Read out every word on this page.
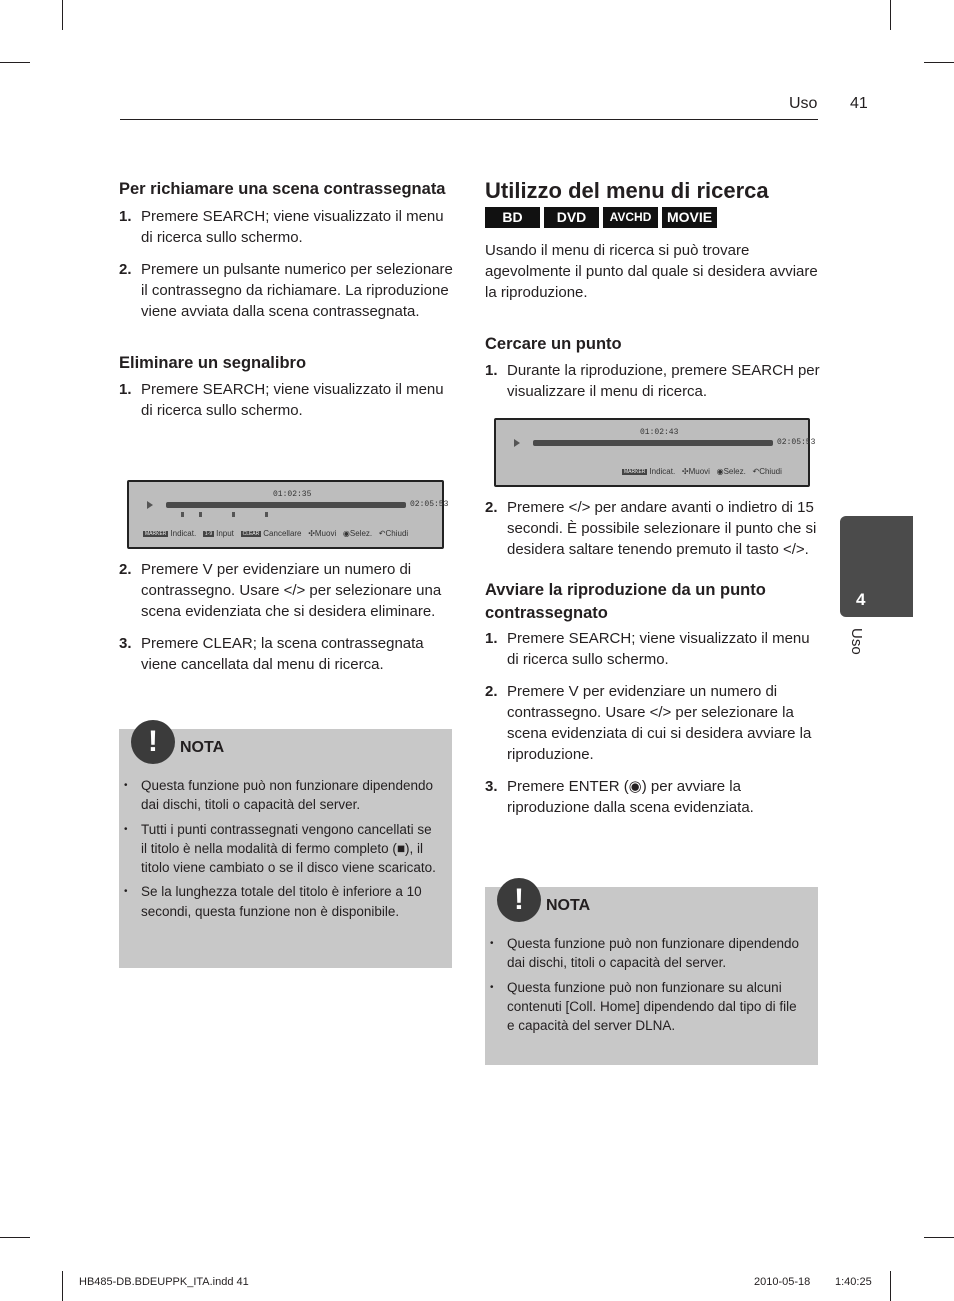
Uso 41
Per richiamare una scena contrassegnata
1. Premere SEARCH; viene visualizzato il menu di ricerca sullo schermo.
2. Premere un pulsante numerico per selezionare il contrassegno da richiamare. La riproduzione viene avviata dalla scena contrassegnata.
Eliminare un segnalibro
1. Premere SEARCH; viene visualizzato il menu di ricerca sullo schermo.
01:02:35
02:05:53
MARKER Indicat. 1-9 Input CLEAR Cancellare ✣Muovi ◉Selez. ↶Chiudi
2. Premere V per evidenziare un numero di contrassegno. Usare </> per selezionare una scena evidenziata che si desidera eliminare.
3. Premere CLEAR; la scena contrassegnata viene cancellata dal menu di ricerca.
!	NOTA
• Questa funzione può non funzionare dipendendo dai dischi, titoli o capacità del server.
• Tutti i punti contrassegnati vengono cancellati se il titolo è nella modalità di fermo completo (■), il titolo viene cambiato o se il disco viene scaricato.
• Se la lunghezza totale del titolo è inferiore a 10 secondi, questa funzione non è disponibile.
Utilizzo del menu di ricerca
BD	DVD	AVCHD	MOVIE

Usando il menu di ricerca si può trovare agevolmente il punto dal quale si desidera avviare la riproduzione.

Cercare un punto
1. Durante la riproduzione, premere SEARCH per visualizzare il menu di ricerca.
01:02:43
02:05:53
MARKER Indicat. ✣Muovi ◉Selez. ↶Chiudi
2. Premere </> per andare avanti o indietro di 15 secondi. È possibile selezionare il punto che si desidera saltare tenendo premuto il tasto </>.
Avviare la riproduzione da un punto contrassegnato
1. Premere SEARCH; viene visualizzato il menu di ricerca sullo schermo.
2. Premere V per evidenziare un numero di contrassegno. Usare </> per selezionare la scena evidenziata di cui si desidera avviare la riproduzione.
3. Premere ENTER (◉) per avviare la riproduzione dalla scena evidenziata.
!	NOTA
• Questa funzione può non funzionare dipendendo dai dischi, titoli o capacità del server.
• Questa funzione può non funzionare su alcuni contenuti [Coll. Home] dipendendo dal tipo di file e capacità del server DLNA.
4
Uso
HB485-DB.BDEUPPK_ITA.indd 41	2010-05-18 1:40:25
